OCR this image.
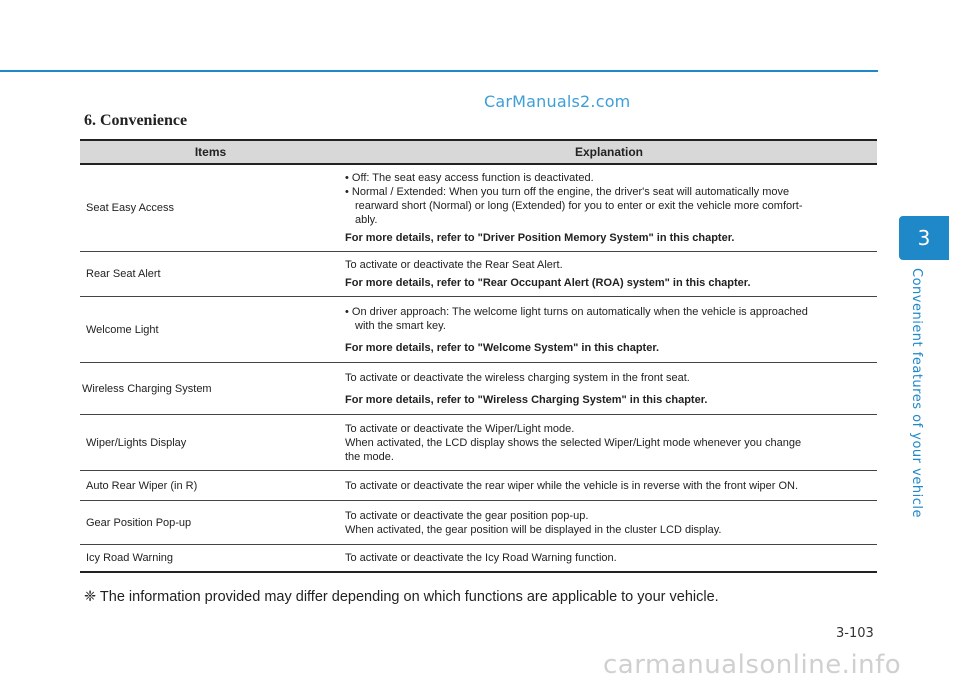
CarManuals2.com
6. Convenience
3
Convenient features of your vehicle
Items	Explanation
Seat Easy Access	• Off: The seat easy access function is deactivated.

• Normal / Extended: When you turn off the engine, the driver's seat will automatically move

rearward short (Normal) or long (Extended) for you to enter or exit the vehicle more comfort-

ably.

For more details, refer to "Driver Position Memory System" in this chapter.

Rear Seat Alert	To activate or deactivate the Rear Seat Alert.

For more details, refer to "Rear Occupant Alert (ROA) system" in this chapter.

Welcome Light	• On driver approach: The welcome light turns on automatically when the vehicle is approached

with the smart key.

For more details, refer to "Welcome System" in this chapter.

Wireless Charging System	To activate or deactivate the wireless charging system in the front seat.

For more details, refer to "Wireless Charging System" in this chapter.

Wiper/Lights Display	To activate or deactivate the Wiper/Light mode.

When activated, the LCD display shows the selected Wiper/Light mode whenever you change

the mode.

Auto Rear Wiper (in R)	To activate or deactivate the rear wiper while the vehicle is in reverse with the front wiper ON.

Gear Position Pop-up	To activate or deactivate the gear position pop-up.

When activated, the gear position will be displayed in the cluster LCD display.

Icy Road Warning	To activate or deactivate the Icy Road Warning function.

❈ The information provided may differ depending on which functions are applicable to your vehicle.
3-103
carmanualsonline.info
